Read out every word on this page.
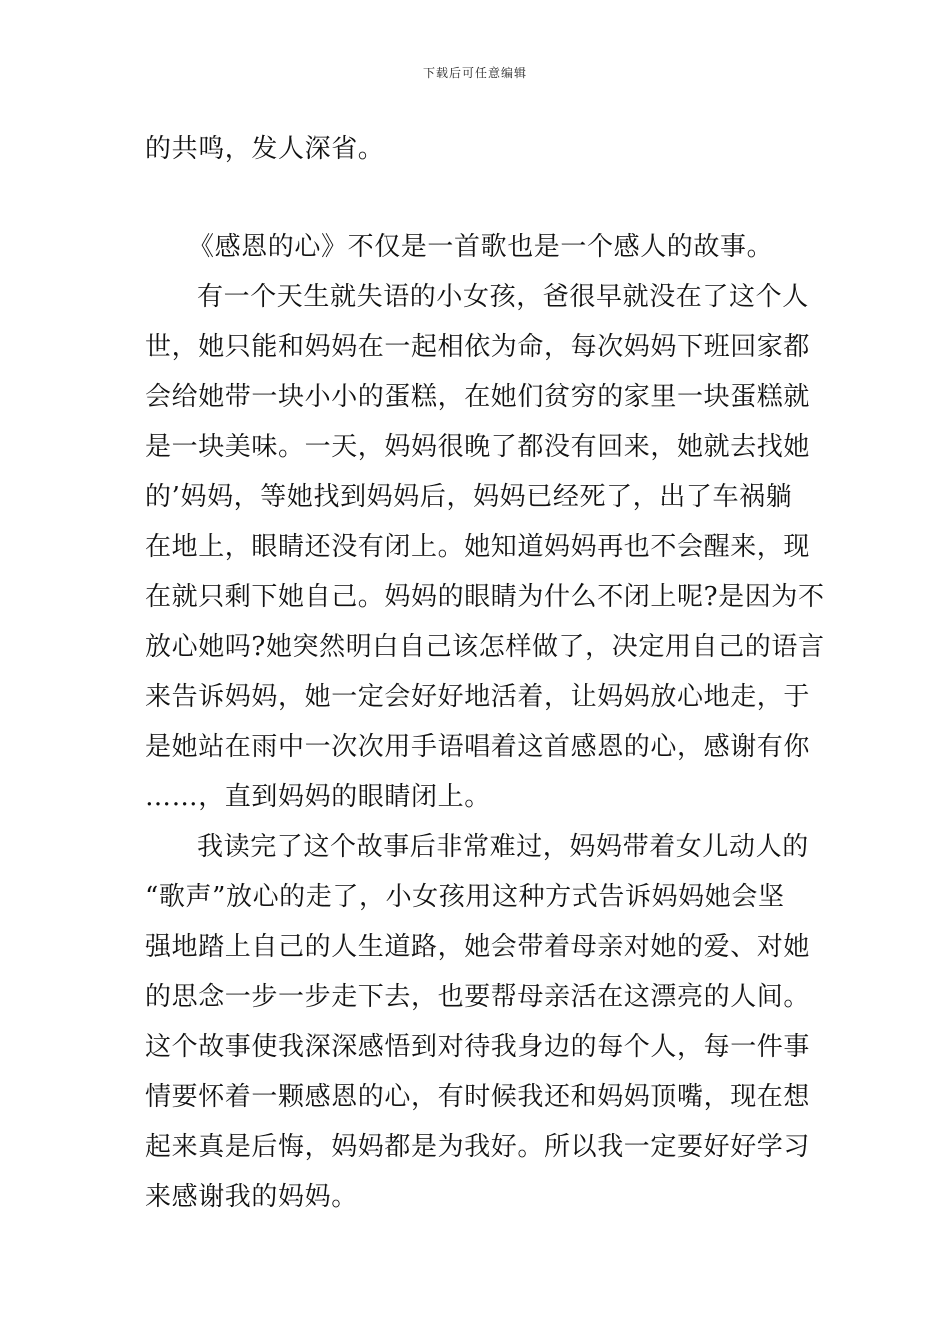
下载后可任意编辑
的共鸣，发人深省。
《感恩的心》不仅是一首歌也是一个感人的故事。
有一个天生就失语的小女孩，爸很早就没在了这个人
世，她只能和妈妈在一起相依为命，每次妈妈下班回家都
会给她带一块小小的蛋糕，在她们贫穷的家里一块蛋糕就
是一块美味。一天，妈妈很晚了都没有回来，她就去找她
的’妈妈，等她找到妈妈后，妈妈已经死了，出了车祸躺
在地上，眼睛还没有闭上。她知道妈妈再也不会醒来，现
在就只剩下她自己。妈妈的眼睛为什么不闭上呢?是因为不
放心她吗?她突然明白自己该怎样做了，决定用自己的语言
来告诉妈妈，她一定会好好地活着，让妈妈放心地走，于
是她站在雨中一次次用手语唱着这首感恩的心，感谢有你
……，直到妈妈的眼睛闭上。
我读完了这个故事后非常难过，妈妈带着女儿动人的
“歌声”放心的走了，小女孩用这种方式告诉妈妈她会坚
强地踏上自己的人生道路，她会带着母亲对她的爱、对她
的思念一步一步走下去，也要帮母亲活在这漂亮的人间。
这个故事使我深深感悟到对待我身边的每个人，每一件事
情要怀着一颗感恩的心，有时候我还和妈妈顶嘴，现在想
起来真是后悔，妈妈都是为我好。所以我一定要好好学习
来感谢我的妈妈。
